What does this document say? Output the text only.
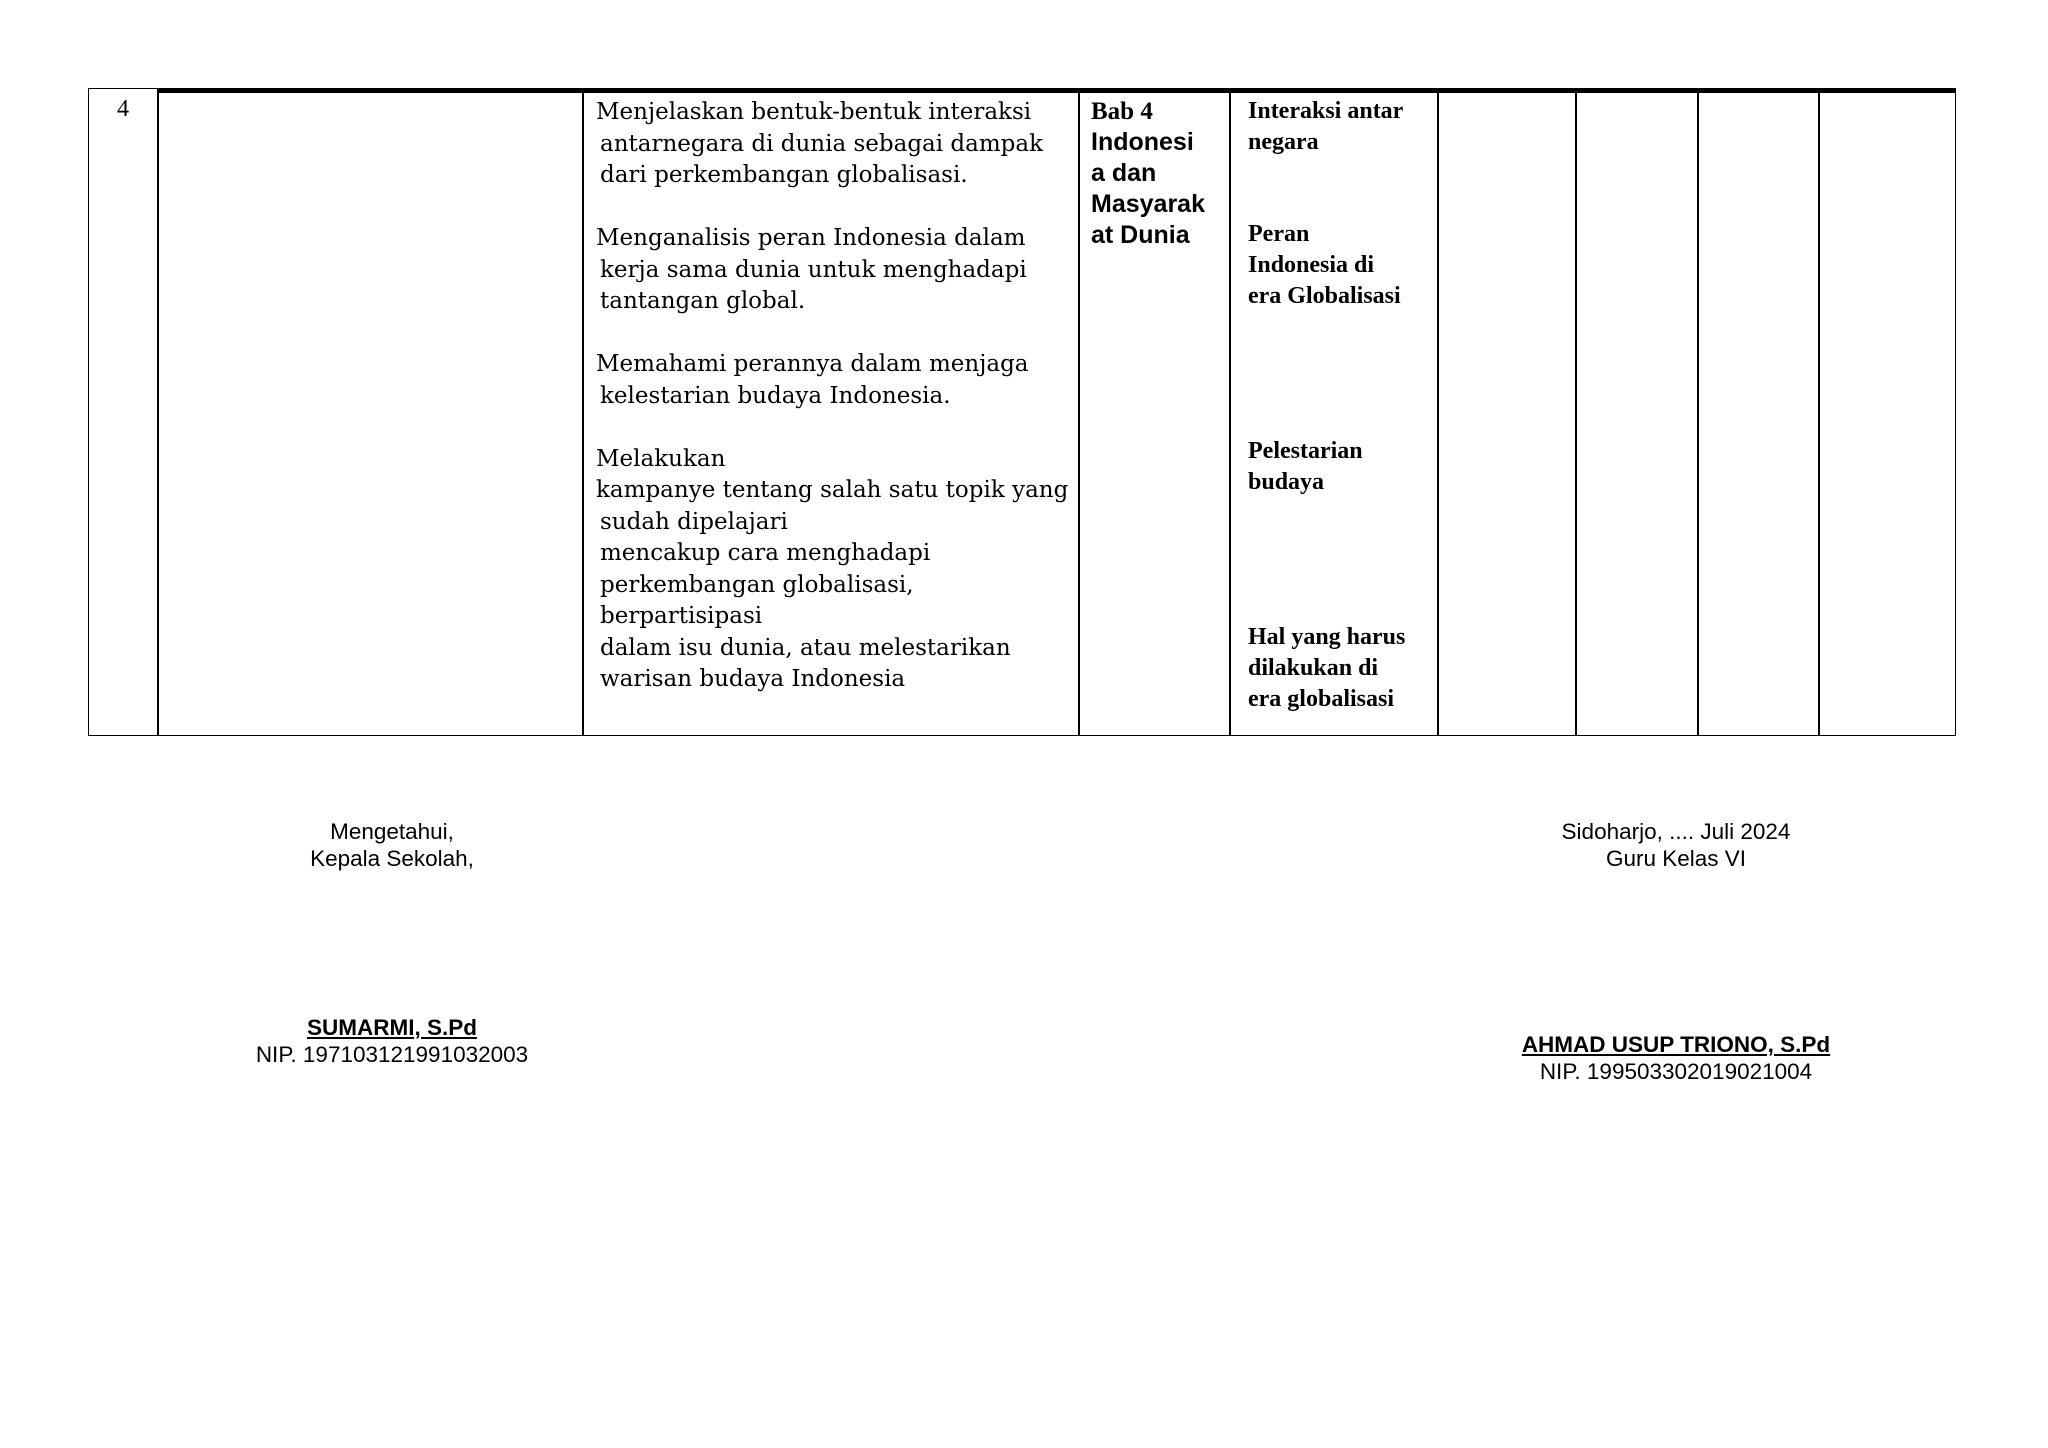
4	Menjelaskan bentuk-bentuk interaksi
antarnegara di dunia sebagai dampak
dari perkembangan globalisasi.
Menganalisis peran Indonesia dalam
kerja sama dunia untuk menghadapi
tantangan global.
Memahami perannya dalam menjaga
kelestarian budaya Indonesia.
Melakukan
kampanye tentang salah satu topik yang
sudah dipelajari
mencakup cara menghadapi
perkembangan globalisasi,
berpartisipasi
dalam isu dunia, atau melestarikan
warisan budaya Indonesia
Bab 4
Indonesi
a dan
Masyarak
at Dunia
Interaksi antar
negara
Peran
Indonesia di
era Globalisasi
Pelestarian
budaya
Hal yang harus
dilakukan di
era globalisasi
Mengetahui,
Kepala Sekolah,
SUMARMI, S.Pd
NIP. 197103121991032003
Sidoharjo, .... Juli 2024
Guru Kelas VI
AHMAD USUP TRIONO, S.Pd
NIP. 199503302019021004
